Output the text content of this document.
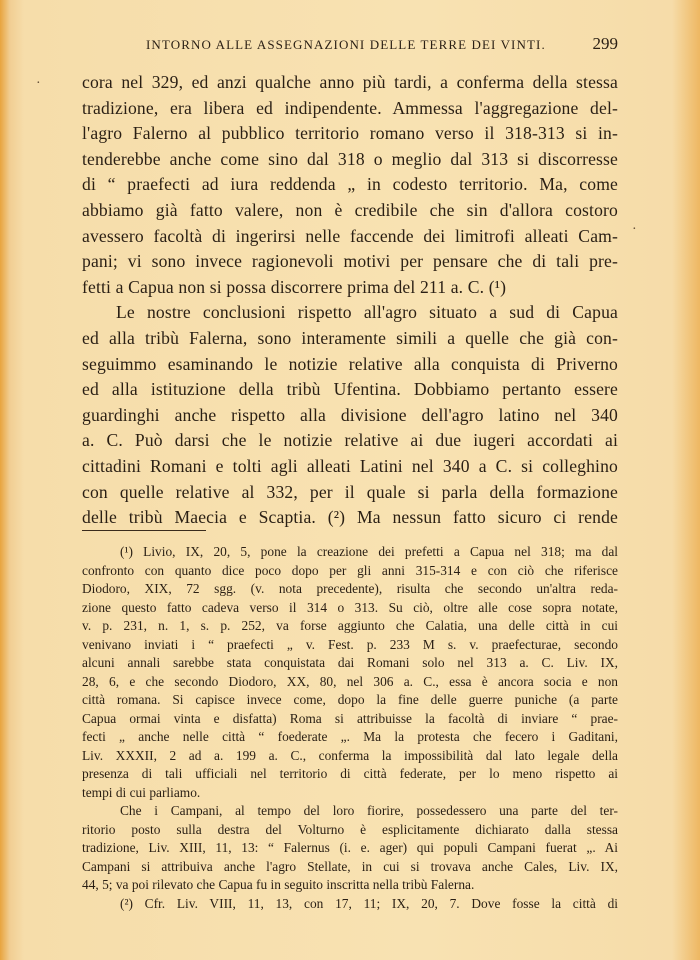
·
·
INTORNO ALLE ASSEGNAZIONI DELLE TERRE DEI VINTI.	299

cora nel 329, ed anzi qualche anno più tardi, a conferma della stessa

tradizione, era libera ed indipendente. Ammessa l'aggregazione del-

l'agro Falerno al pubblico territorio romano verso il 318-313 si in-

tenderebbe anche come sino dal 318 o meglio dal 313 si discorresse

di “ praefecti ad iura reddenda „ in codesto territorio. Ma, come

abbiamo già fatto valere, non è credibile che sin d'allora costoro

avessero facoltà di ingerirsi nelle faccende dei limitrofi alleati Cam-

pani; vi sono invece ragionevoli motivi per pensare che di tali pre-

fetti a Capua non si possa discorrere prima del 211 a. C. (¹)

Le nostre conclusioni rispetto all'agro situato a sud di Capua

ed alla tribù Falerna, sono interamente simili a quelle che già con-

seguimmo esaminando le notizie relative alla conquista di Priverno

ed alla istituzione della tribù Ufentina. Dobbiamo pertanto essere

guardinghi anche rispetto alla divisione dell'agro latino nel 340

a. C. Può darsi che le notizie relative ai due iugeri accordati ai

cittadini Romani e tolti agli alleati Latini nel 340 a C. si colleghino

con quelle relative al 332, per il quale si parla della formazione

delle tribù Maecia e Scaptia. (²) Ma nessun fatto sicuro ci rende

(¹) Livio, IX, 20, 5, pone la creazione dei prefetti a Capua nel 318; ma dal

confronto con quanto dice poco dopo per gli anni 315-314 e con ciò che riferisce

Diodoro, XIX, 72 sgg. (v. nota precedente), risulta che secondo un'altra reda-

zione questo fatto cadeva verso il 314 o 313. Su ciò, oltre alle cose sopra notate,

v. p. 231, n. 1, s. p. 252, va forse aggiunto che Calatia, una delle città in cui

venivano inviati i “ praefecti „ v. Fest. p. 233 M s. v. praefecturae, secondo

alcuni annali sarebbe stata conquistata dai Romani solo nel 313 a. C. Liv. IX,

28, 6, e che secondo Diodoro, XX, 80, nel 306 a. C., essa è ancora socia e non

città romana. Si capisce invece come, dopo la fine delle guerre puniche (a parte

Capua ormai vinta e disfatta) Roma si attribuisse la facoltà di inviare “ prae-

fecti „ anche nelle città “ foederate „. Ma la protesta che fecero i Gaditani,

Liv. XXXII, 2 ad a. 199 a. C., conferma la impossibilità dal lato legale della

presenza di tali ufficiali nel territorio di città federate, per lo meno rispetto ai

tempi di cui parliamo.

Che i Campani, al tempo del loro fiorire, possedessero una parte del ter-

ritorio posto sulla destra del Volturno è esplicitamente dichiarato dalla stessa

tradizione, Liv. XIII, 11, 13: “ Falernus (i. e. ager) qui populi Campani fuerat „. Ai

Campani si attribuiva anche l'agro Stellate, in cui si trovava anche Cales, Liv. IX,

44, 5; va poi rilevato che Capua fu in seguito inscritta nella tribù Falerna.

(²) Cfr. Liv. VIII, 11, 13, con 17, 11; IX, 20, 7. Dove fosse la città di
